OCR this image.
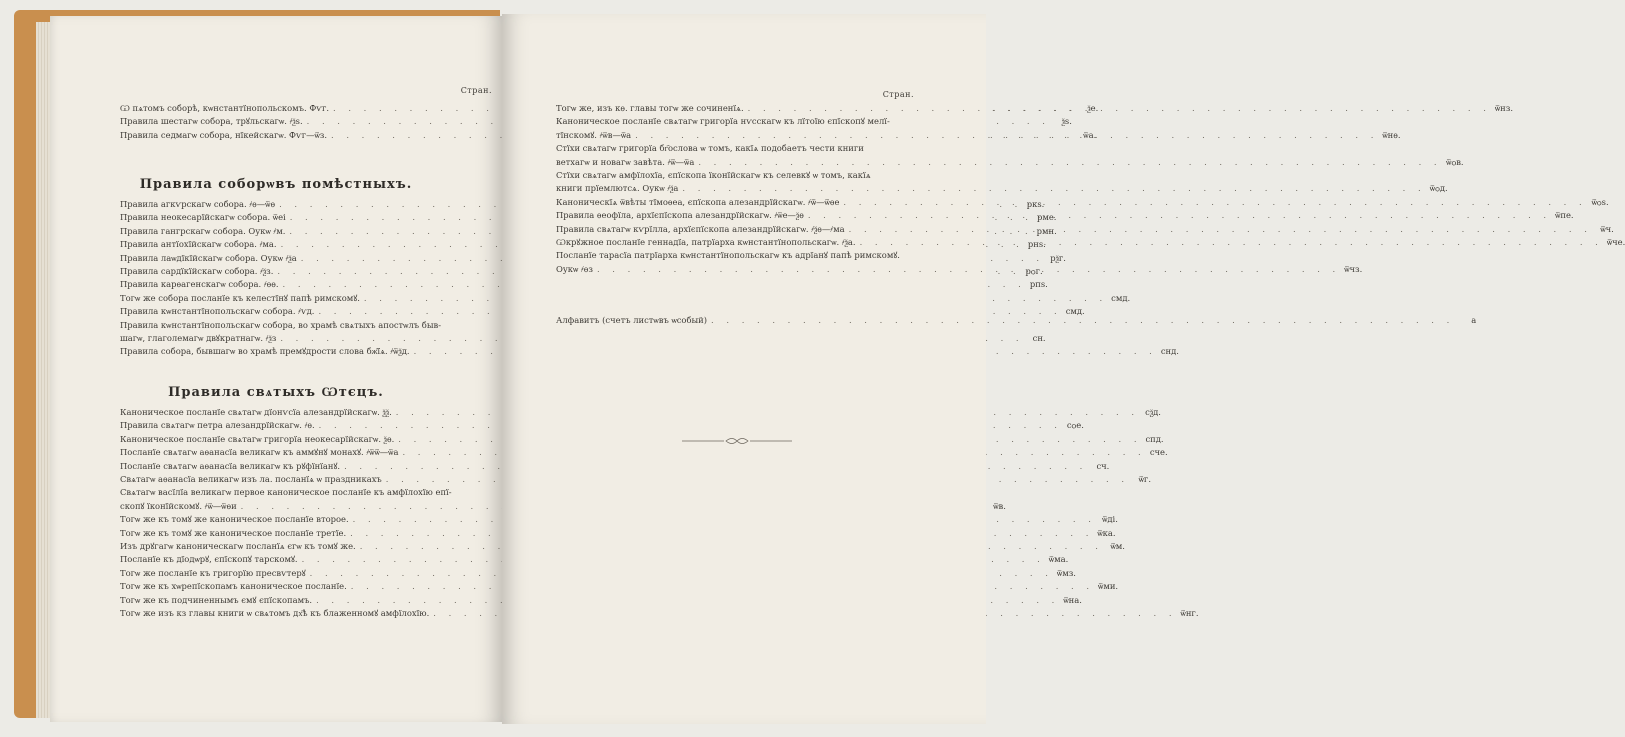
Стран.
Ѡ пѧтомъ соборѣ, кѡнстантїнопольскомъ. Фѵг. . . .	ѯе.
Правила шестагѡ собора, трꙋльскагѡ. ҂ѯѕ. . . .	ѯѕ.
Правила седмагѡ собора, нїкейскагѡ. Фѵг—ѿз. . . .	ѿа.
Правила соборѡвъ помѣстныхъ.
Правила агкѵрскагѡ собора. ҂ѳ—ѿѳ . . .	ркѕ.
Правила неокесарїйскагѡ собора. ѿеі . . .	рме.
Правила гангрскагѡ собора. Оукѡ ҂м. . . .	рмн.
Правила антїохїйскагѡ собора. ҂ма. . . .	рнѕ.
Правила лаѡдїкїйскагѡ собора. Оукѡ ҂ѯа . . .	рѯг.
Правила сардїкїйскагѡ собора. ҂ѯз. . . .	рѻг.
Правила карѳагенскагѡ собора. ҂ѳѳ. . . .	рпѕ.
Тогѡ же собора посланїе къ келестїнꙋ папѣ римскомꙋ. . . .	смд.
Правила кѡнстантїнопольскагѡ собора. ҂ѵд. . . .	смд.
Правила кѡнстантїнопольскагѡ собора, во храмѣ свѧтыхъ апостѡлъ быв-
шагѡ, глаголемагѡ двꙋкратнагѡ. ҂ѯз . . .	сн.
Правила собора, бывшагѡ во храмѣ премꙋдрости слова бж҃їѧ. ҂ѿѯд. . . .	снд.
Правила свѧтыхъ Ѡтєцъ.
Каноническое посланїе свѧтагѡ дїонѵсїа алезандрїйскагѡ. ѯѯ. . . .	сѯд.
Правила свѧтагѡ петра алезандрїйскагѡ. ҂ѳ. . . .	сѻе.
Каноническое посланїе свѧтагѡ григорїа неокесарїйскагѡ. ѯѳ. . . .	спд.
Посланїе свѧтагѡ аѳанасїа великагѡ къ аммꙋнꙋ монахꙋ. ҂ѿѿ—ѿа . . .	сче.
Посланїе свѧтагѡ аѳанасїа великагѡ къ рꙋфїнїанꙋ. . . .	сч.
Свѧтагѡ аѳанасїа великагѡ изъ ла. посланїѧ ѡ праздникахъ . . .	ѿг.
Свѧтагѡ васїлїа великагѡ первое каноническое посланїе къ амфїлохїю епї-
скопꙋ їконїйскомꙋ. ҂ѿ—ѿѳи . . .	ѿв.
Тогѡ же къ томꙋ же каноническое посланїе второе. . . .	ѿді.
Тогѡ же къ томꙋ же каноническое посланїе третїе. . . .	ѿка.
Изъ дрꙋгагѡ каноническагѡ посланїѧ єгѡ къ томꙋ же. . . .	ѿм.
Посланїе къ дїодѡрꙋ, єпїскопꙋ тарскомꙋ. . . .	ѿма.
Тогѡ же посланїе къ григорїю пресвѵтерꙋ . . .	ѿмз.
Тогѡ же къ хѡрепїскопамъ каноническое посланїе. . . .	ѿми.
Тогѡ же къ подчиненнымъ ємꙋ єпїскопамъ. . . .	ѿна.
Тогѡ же изъ кз главы книги ѡ свѧтомъ дх҃ѣ къ блаженномꙋ амфїлохїю. . . .	ѿнг.
Стран.
Тогѡ же, изъ кѳ. главы тогѡ же сочиненїѧ. . . .	ѿнз.
Каноническое посланїе свѧтагѡ григорїа нѵсскагѡ къ лїтоїю єпїскопꙋ мелї-
тїнскомꙋ. ҂ѿв—ѿа . . .	ѿнѳ.
Стїхи свѧтагѡ григорїа бг҃ослова ѡ томъ, какїѧ подобаетъ чести книги
ветхагѡ и новагѡ завѣта. ҂ѿ—ѿа . . .	ѿѻв.
Стїхи свѧтагѡ амфїлохїа, єпїскопа їконїйскагѡ къ селевкꙋ ѡ томъ, какїѧ
книги прїемлютсѧ. Оукѡ ҂ѯа . . .	ѿѻд.
Каноническїѧ ѿвѣты тїмоѳеа, єпїскопа алезандрїйскагѡ. ҂ѿ—ѿѳе . . .	ѿѻѕ.
Правила ѳеофїла, архїєпїскопа алезандрїйскагѡ. ҂ѿе—ѯѳ . . .	ѿпе.
Правила свѧтагѡ кѵрїлла, архїєпїскопа алезандрїйскагѡ. ҂ѯѳ—҂ма . . .	ѿч.
Ѡкрꙋжное посланїе геннадїа, патрїарха кѡнстантїнопольскагѡ. ҂ѯа. . . .	ѿче.
Посланїе тарасїа патрїарха кѡнстантїнопольскагѡ къ адрїанꙋ папѣ римскомꙋ.
Оукѡ ҂ѳз . . .	ѿчз.
Алфавитъ (счетъ листѡвъ ѡсобый) . . .	а
